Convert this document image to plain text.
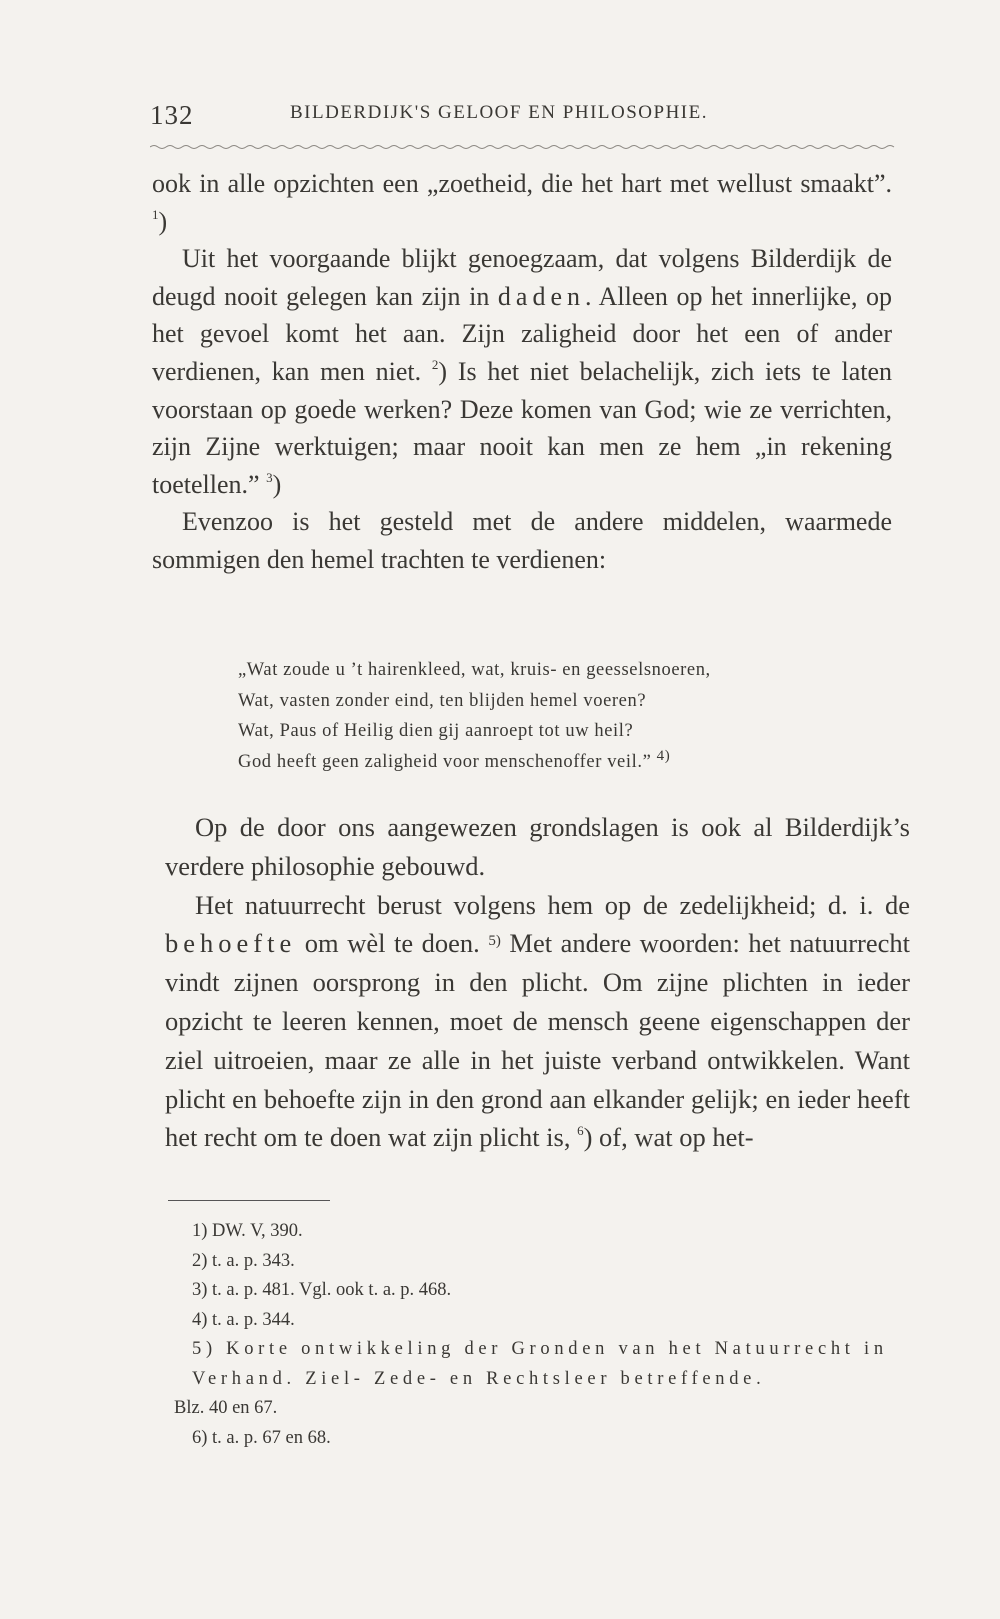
132	BILDERDIJK'S GELOOF EN PHILOSOPHIE.

ook in alle opzichten een „zoetheid, die het hart met wellust smaakt”. $^1$)

Uit het voorgaande blijkt genoegzaam, dat volgens Bilderdijk de deugd nooit gelegen kan zijn in daden. Alleen op het innerlijke, op het gevoel komt het aan. Zijn zaligheid door het een of ander verdienen, kan men niet. $^2$) Is het niet belachelijk, zich iets te laten voorstaan op goede werken? Deze komen van God; wie ze verrichten, zijn Zijne werktuigen; maar nooit kan men ze hem „in rekening toetellen.” $^3$)

Evenzoo is het gesteld met de andere middelen, waarmede sommigen den hemel trachten te verdienen:

„Wat zoude u ’t hairenkleed, wat, kruis- en geesselsnoeren,
Wat, vasten zonder eind, ten blijden hemel voeren?
Wat, Paus of Heilig dien gij aanroept tot uw heil?
God heeft geen zaligheid voor menschenoffer veil.” $^{4)}$

Op de door ons aangewezen grondslagen is ook al Bilderdijk’s verdere philosophie gebouwd.

Het natuurrecht berust volgens hem op de zedelijkheid; d. i. de behoefte om wèl te doen. $^{5)}$ Met andere woorden: het natuurrecht vindt zijnen oorsprong in den plicht. Om zijne plichten in ieder opzicht te leeren kennen, moet de mensch geene eigenschappen der ziel uitroeien, maar ze alle in het juiste verband ontwikkelen. Want plicht en behoefte zijn in den grond aan elkander gelijk; en ieder heeft het recht om te doen wat zijn plicht is, $^6$) of, wat op het-

1) DW. V, 390.
2) t. a. p. 343.
3) t. a. p. 481. Vgl. ook t. a. p. 468.
4) t. a. p. 344.
5) Korte ontwikkeling der Gronden van het Natuurrecht in Verhand. Ziel- Zede- en Rechtsleer betreffende.
Blz. 40 en 67.
6) t. a. p. 67 en 68.
